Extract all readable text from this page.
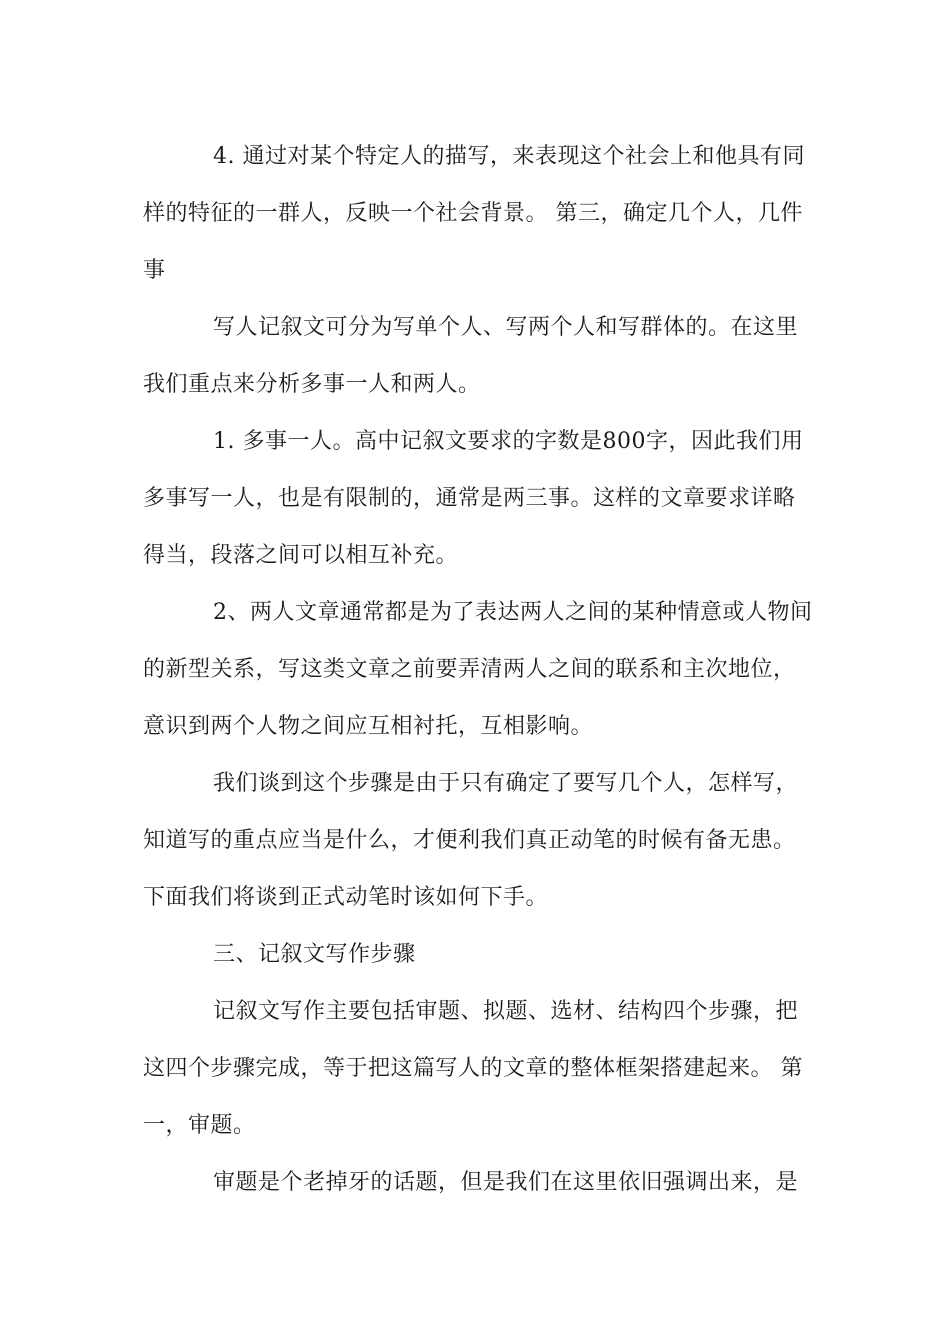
4. 通过对某个特定人的描写，来表现这个社会上和他具有同
样的特征的一群人，反映一个社会背景。 第三，确定几个人，几件
事
写人记叙文可分为写单个人、写两个人和写群体的。在这里
我们重点来分析多事一人和两人。
1. 多事一人。高中记叙文要求的字数是800字，因此我们用
多事写一人，也是有限制的，通常是两三事。这样的文章要求详略
得当，段落之间可以相互补充。
2、两人文章通常都是为了表达两人之间的某种情意或人物间
的新型关系，写这类文章之前要弄清两人之间的联系和主次地位，
意识到两个人物之间应互相衬托，互相影响。
我们谈到这个步骤是由于只有确定了要写几个人，怎样写，
知道写的重点应当是什么，才便利我们真正动笔的时候有备无患。
下面我们将谈到正式动笔时该如何下手。
三、记叙文写作步骤
记叙文写作主要包括审题、拟题、选材、结构四个步骤，把
这四个步骤完成，等于把这篇写人的文章的整体框架搭建起来。 第
一，审题。
审题是个老掉牙的话题，但是我们在这里依旧强调出来，是
